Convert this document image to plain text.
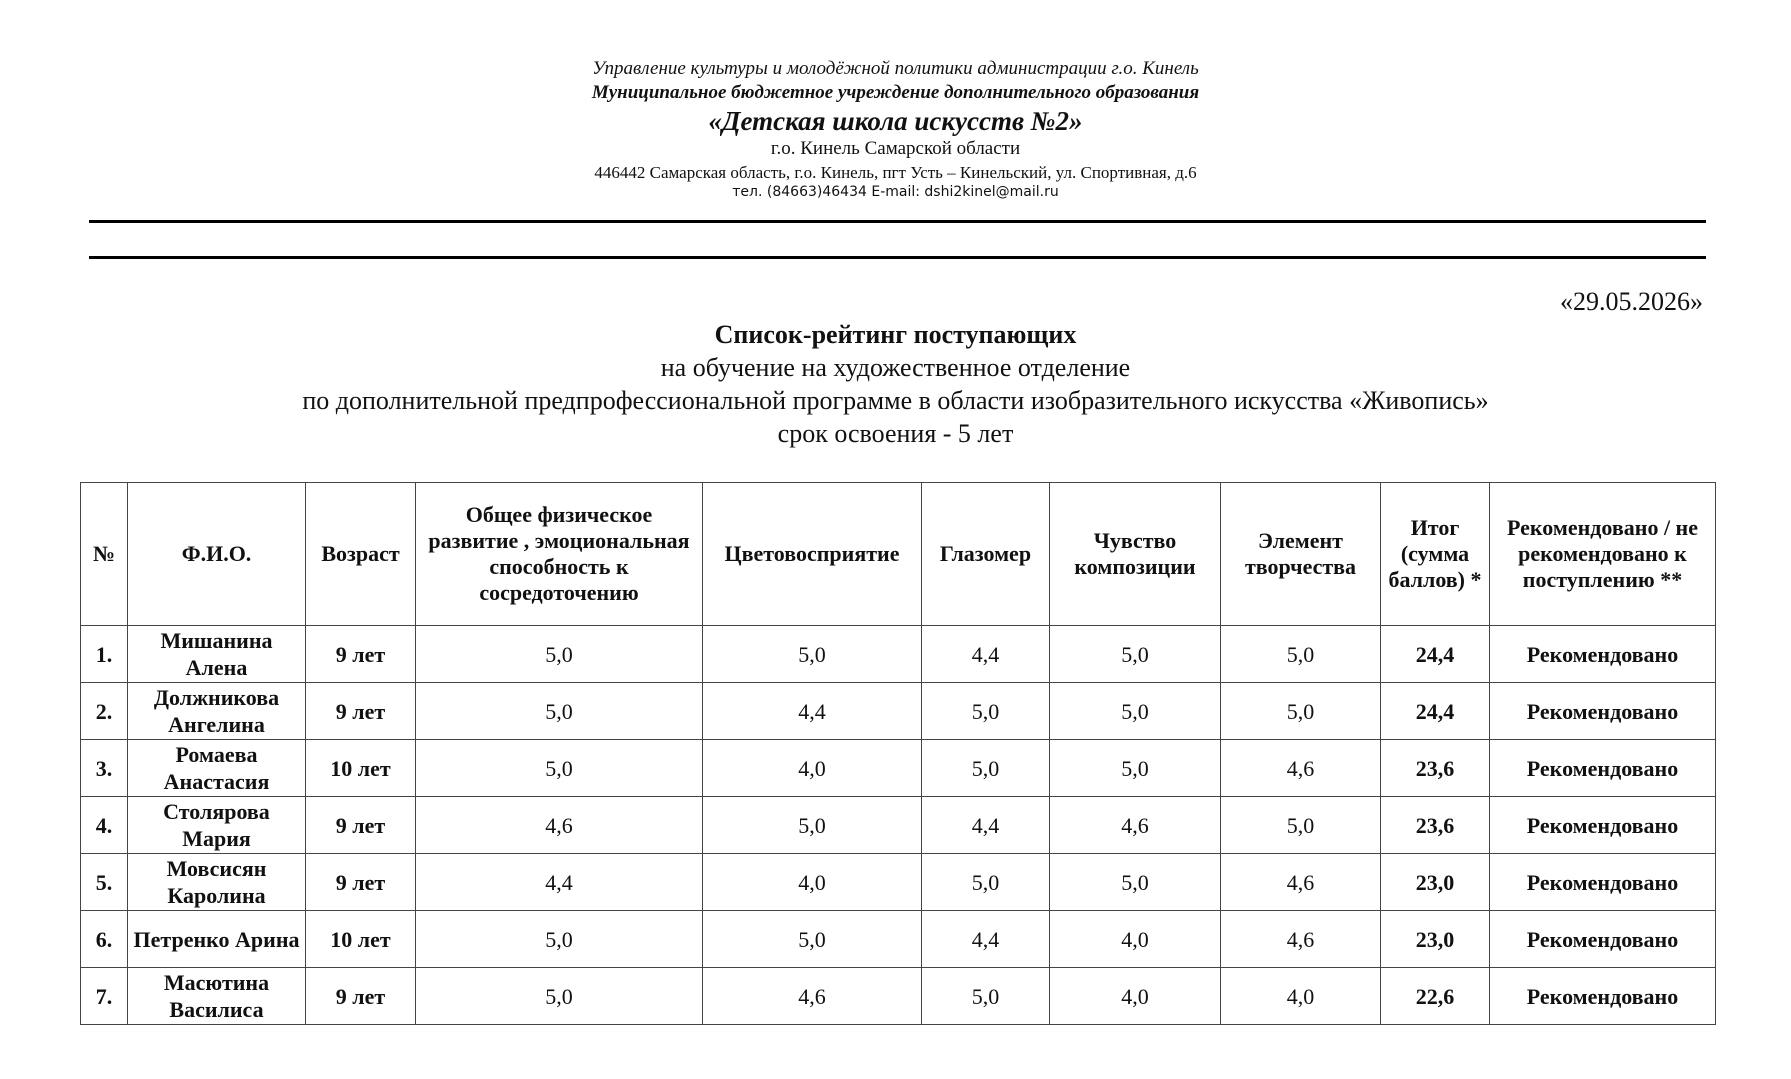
Управление культуры и молодёжной политики администрации г.о. Кинель
Муниципальное бюджетное учреждение дополнительного образования
«Детская школа искусств №2»
г.о. Кинель Самарской области
446442 Самарская область, г.о. Кинель, пгт Усть – Кинельский, ул. Спортивная, д.6
тел. (84663)46434 E-mail: dshi2kinel@mail.ru
«29.05.2026»
Список-рейтинг поступающих
на обучение на художественное отделение
по дополнительной предпрофессиональной программе в области изобразительного искусства «Живопись»
срок освоения - 5 лет
№	Ф.И.О.	Возраст	Общее физическое развитие , эмоциональная способность к сосредоточению	Цветовосприятие	Глазомер	Чувство композиции	Элемент творчества	Итог (сумма баллов) *	Рекомендовано / не рекомендовано к поступлению **
1.	Мишанина Алена	9 лет	5,0	5,0	4,4	5,0	5,0	24,4	Рекомендовано
2.	Должникова Ангелина	9 лет	5,0	4,4	5,0	5,0	5,0	24,4	Рекомендовано
3.	Ромаева Анастасия	10 лет	5,0	4,0	5,0	5,0	4,6	23,6	Рекомендовано
4.	Столярова Мария	9 лет	4,6	5,0	4,4	4,6	5,0	23,6	Рекомендовано
5.	Мовсисян Каролина	9 лет	4,4	4,0	5,0	5,0	4,6	23,0	Рекомендовано
6.	Петренко Арина	10 лет	5,0	5,0	4,4	4,0	4,6	23,0	Рекомендовано
7.	Масютина Василиса	9 лет	5,0	4,6	5,0	4,0	4,0	22,6	Рекомендовано
